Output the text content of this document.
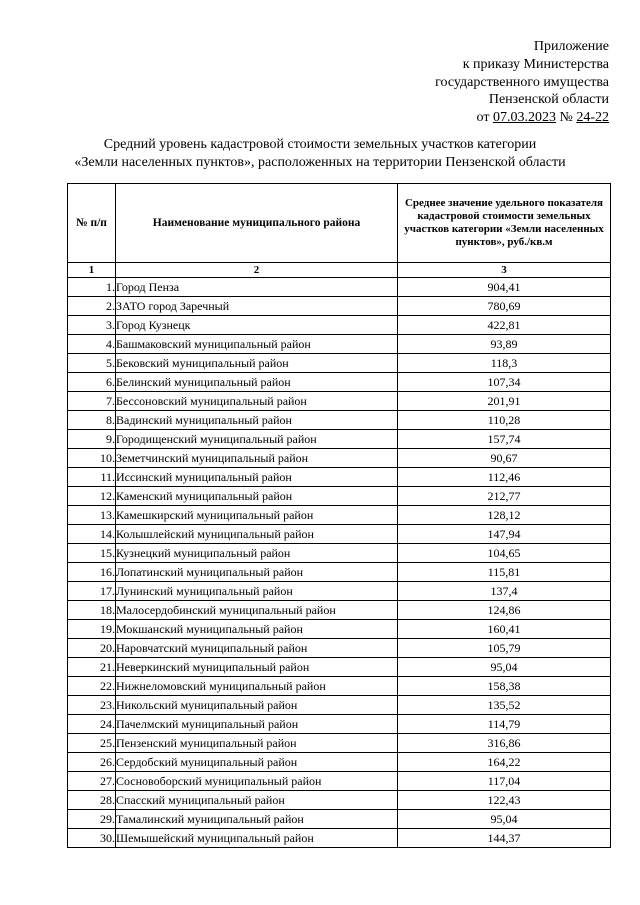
Приложение
к приказу Министерства
государственного имущества
Пензенской области
от 07.03.2023 № 24-22
Средний уровень кадастровой стоимости земельных участков категории
«Земли населенных пунктов», расположенных на территории Пензенской области
№ п/п	Наименование муниципального района	Среднее значение удельного показателя кадастровой стоимости земельных участков категории «Земли населенных пунктов», руб./кв.м
1	2	3
1.	Город Пенза	904,41
2.	ЗАТО город Заречный	780,69
3.	Город Кузнецк	422,81
4.	Башмаковский муниципальный район	93,89
5.	Бековский муниципальный район	118,3
6.	Белинский муниципальный район	107,34
7.	Бессоновский муниципальный район	201,91
8.	Вадинский муниципальный район	110,28
9.	Городищенский муниципальный район	157,74
10.	Земетчинский муниципальный район	90,67
11.	Иссинский муниципальный район	112,46
12.	Каменский муниципальный район	212,77
13.	Камешкирский муниципальный район	128,12
14.	Колышлейский муниципальный район	147,94
15.	Кузнецкий муниципальный район	104,65
16.	Лопатинский муниципальный район	115,81
17.	Лунинский муниципальный район	137,4
18.	Малосердобинский муниципальный район	124,86
19.	Мокшанский муниципальный район	160,41
20.	Наровчатский муниципальный район	105,79
21.	Неверкинский муниципальный район	95,04
22.	Нижнеломовский муниципальный район	158,38
23.	Никольский муниципальный район	135,52
24.	Пачелмский муниципальный район	114,79
25.	Пензенский муниципальный район	316,86
26.	Сердобский муниципальный район	164,22
27.	Сосновоборский муниципальный район	117,04
28.	Спасский муниципальный район	122,43
29.	Тамалинский муниципальный район	95,04
30.	Шемышейский муниципальный район	144,37
